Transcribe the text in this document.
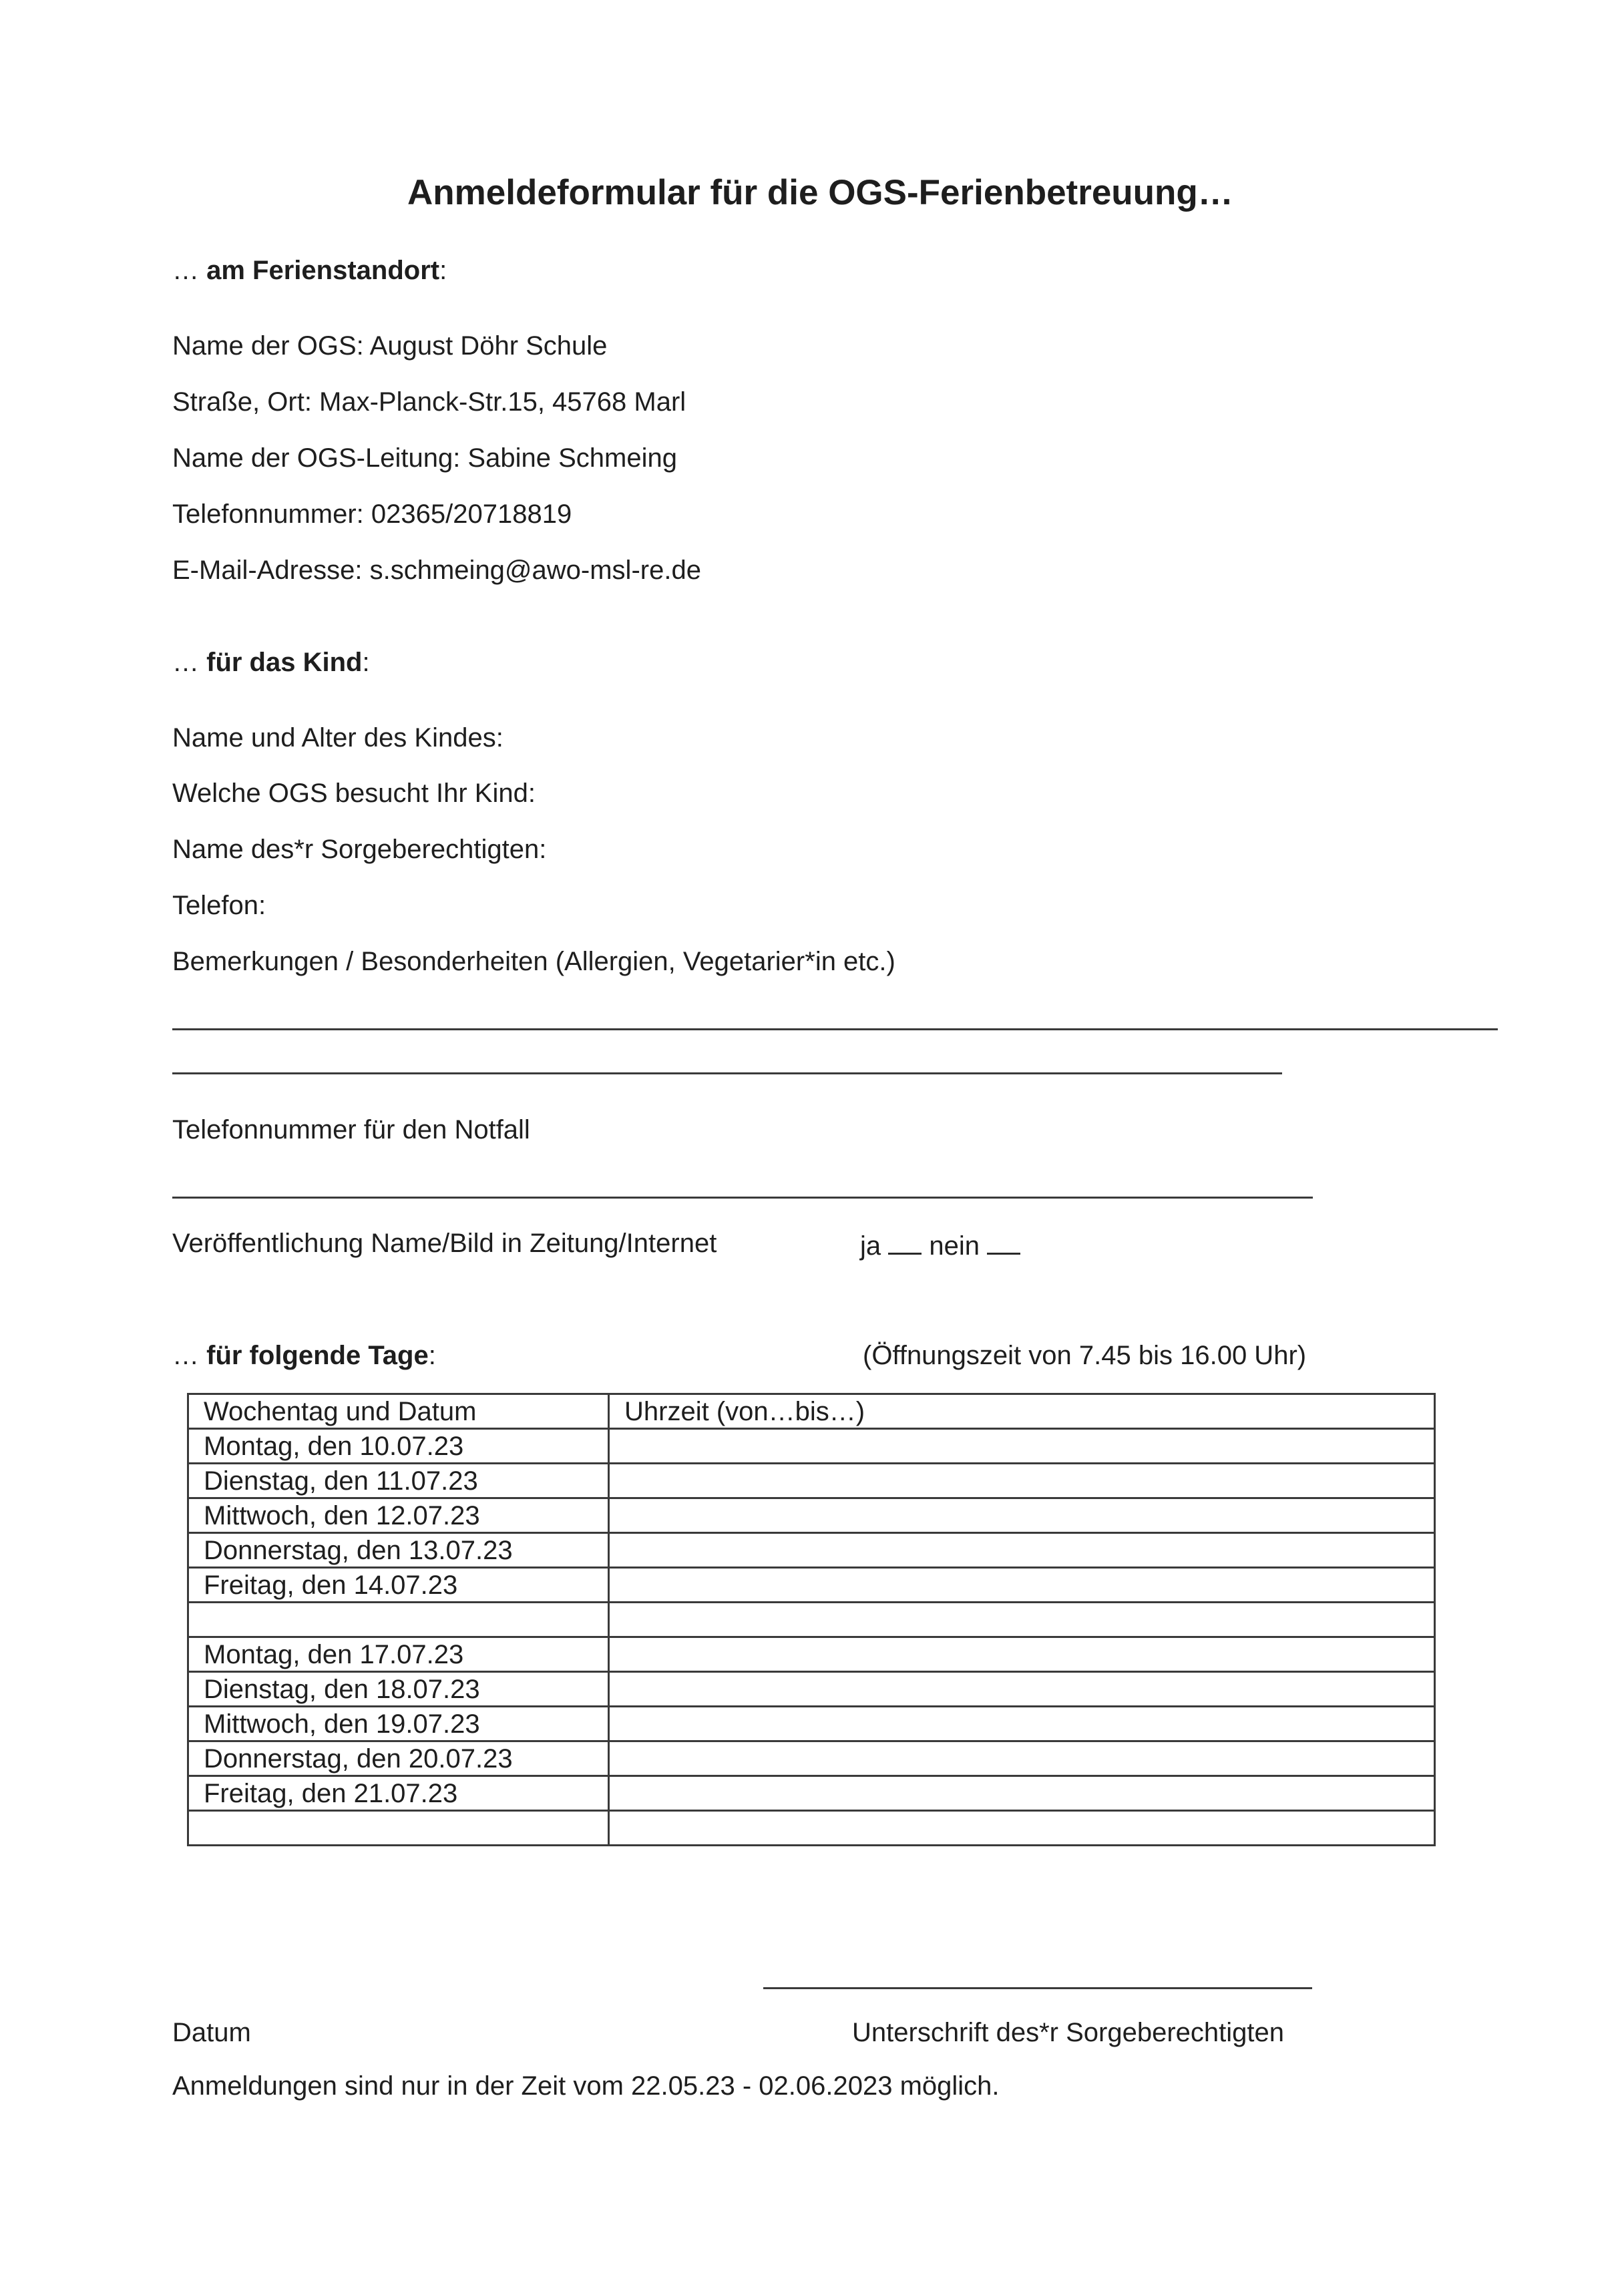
Anmeldeformular für die OGS-Ferienbetreuung…
… am Ferienstandort:
Name der OGS: August Döhr Schule
Straße, Ort: Max-Planck-Str.15, 45768 Marl
Name der OGS-Leitung: Sabine Schmeing
Telefonnummer: 02365/20718819
E-Mail-Adresse: s.schmeing@awo-msl-re.de
… für das Kind:
Name und Alter des Kindes:
Welche OGS besucht Ihr Kind:
Name des*r Sorgeberechtigten:
Telefon:
Bemerkungen / Besonderheiten (Allergien, Vegetarier*in etc.)
Telefonnummer für den Notfall
Veröffentlichung Name/Bild in Zeitung/Internet	ja nein
… für folgende Tage:	(Öffnungszeit von 7.45 bis 16.00 Uhr)
Wochentag und Datum	Uhrzeit (von…bis…)
Montag, den 10.07.23	
Dienstag, den 11.07.23	
Mittwoch, den 12.07.23	
Donnerstag, den 13.07.23	
Freitag, den 14.07.23	

Montag, den 17.07.23	
Dienstag, den 18.07.23	
Mittwoch, den 19.07.23	
Donnerstag, den 20.07.23	
Freitag, den 21.07.23	

Datum	Unterschrift des*r Sorgeberechtigten
Anmeldungen sind nur in der Zeit vom 22.05.23 - 02.06.2023 möglich.
